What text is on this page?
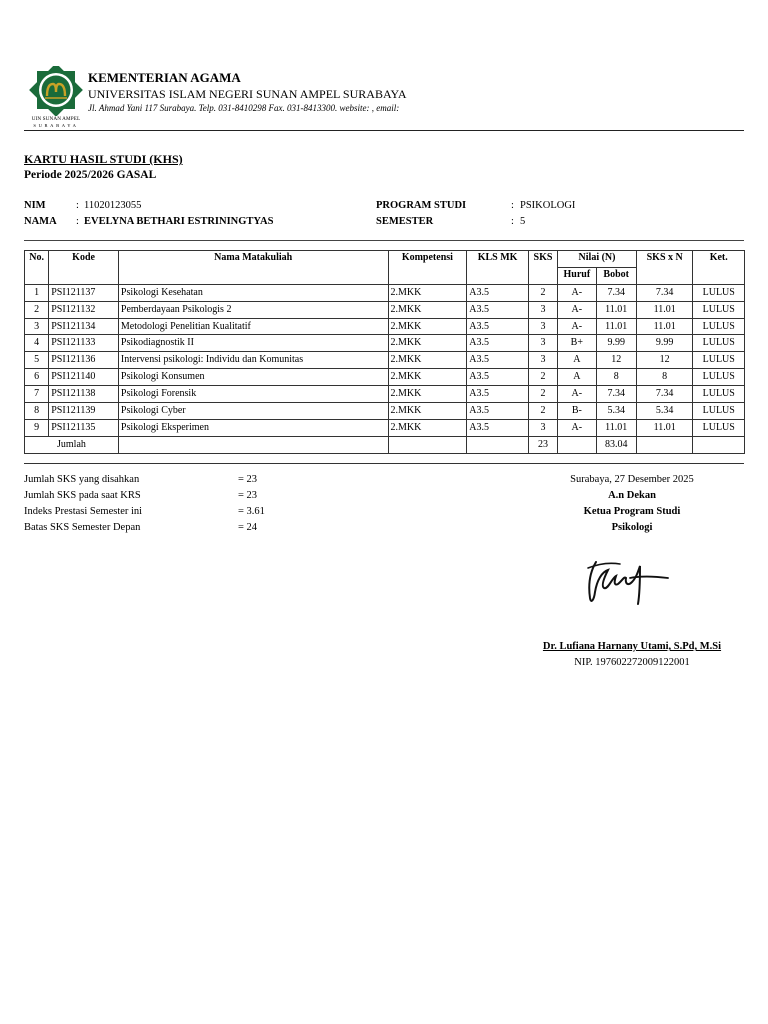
UIN SUNAN AMPEL
SURABAYA
KEMENTERIAN AGAMA
UNIVERSITAS ISLAM NEGERI SUNAN AMPEL SURABAYA
Jl. Ahmad Yani 117 Surabaya. Telp. 031-8410298 Fax. 031-8413300. website: , email:
KARTU HASIL STUDI (KHS)
Periode 2025/2026 GASAL
NIM	: 11020123055
NAMA : EVELYNA BETHARI ESTRININGTYAS
PROGRAM STUDI	: PSIKOLOGI
SEMESTER	: 5
No.	Kode	Nama Matakuliah	Kompetensi	KLS MK	SKS	Nilai (N)		SKS x N	Ket.
						Huruf	Bobot		
1	PSI121137	Psikologi Kesehatan	2.MKK	A3.5	2	A-	7.34	7.34	LULUS
2	PSI121132	Pemberdayaan Psikologis 2	2.MKK	A3.5	3	A-	11.01	11.01	LULUS
3	PSI121134	Metodologi Penelitian Kualitatif	2.MKK	A3.5	3	A-	11.01	11.01	LULUS
4	PSI121133	Psikodiagnostik II	2.MKK	A3.5	3	B+	9.99	9.99	LULUS
5	PSI121136	Intervensi psikologi: Individu dan Komunitas	2.MKK	A3.5	3	A	12	12	LULUS
6	PSI121140	Psikologi Konsumen	2.MKK	A3.5	2	A	8	8	LULUS
7	PSI121138	Psikologi Forensik	2.MKK	A3.5	2	A-	7.34	7.34	LULUS
8	PSI121139	Psikologi Cyber	2.MKK	A3.5	2	B-	5.34	5.34	LULUS
9	PSI121135	Psikologi Eksperimen	2.MKK	A3.5	3	A-	11.01	11.01	LULUS
Jumlah					23		83.04		
Jumlah SKS yang disahkan	= 23
Jumlah SKS pada saat KRS	= 23
Indeks Prestasi Semester ini	= 3.61
Batas SKS Semester Depan	= 24
Surabaya, 27 Desember 2025
A.n Dekan
Ketua Program Studi
Psikologi
Dr. Lufiana Harnany Utami, S.Pd, M.Si
NIP. 197602272009122001
